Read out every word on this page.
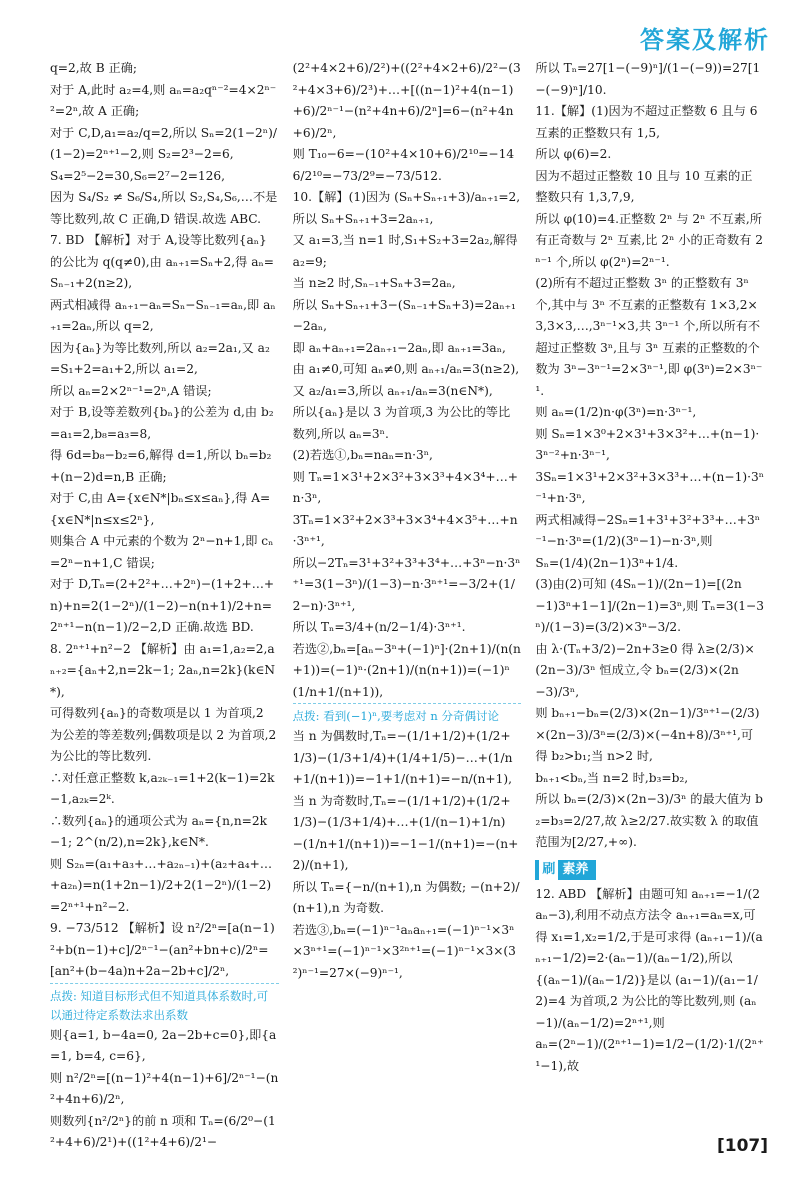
答案及解析

q=2,故 B 正确;

对于 A,此时 a₂=4,则 aₙ=a₂qⁿ⁻²=4×2ⁿ⁻²=2ⁿ,故 A 正确;

对于 C,D,a₁=a₂/q=2,所以 Sₙ=2(1−2ⁿ)/(1−2)=2ⁿ⁺¹−2,则 S₂=2³−2=6,

S₄=2⁵−2=30,S₆=2⁷−2=126,

因为 S₄/S₂ ≠ S₆/S₄,所以 S₂,S₄,S₆,…不是等比数列,故 C 正确,D 错误.故选 ABC.

7. BD 【解析】对于 A,设等比数列{aₙ}的公比为 q(q≠0),由 aₙ₊₁=Sₙ+2,得 aₙ=Sₙ₋₁+2(n≥2),

两式相减得 aₙ₊₁−aₙ=Sₙ−Sₙ₋₁=aₙ,即 aₙ₊₁=2aₙ,所以 q=2,

因为{aₙ}为等比数列,所以 a₂=2a₁,又 a₂=S₁+2=a₁+2,所以 a₁=2,

所以 aₙ=2×2ⁿ⁻¹=2ⁿ,A 错误;

对于 B,设等差数列{bₙ}的公差为 d,由 b₂=a₁=2,b₈=a₃=8,

得 6d=b₈−b₂=6,解得 d=1,所以 bₙ=b₂+(n−2)d=n,B 正确;

对于 C,由 A={x∈N*|bₙ≤x≤aₙ},得 A={x∈N*|n≤x≤2ⁿ},

则集合 A 中元素的个数为 2ⁿ−n+1,即 cₙ=2ⁿ−n+1,C 错误;

对于 D,Tₙ=(2+2²+…+2ⁿ)−(1+2+…+n)+n=2(1−2ⁿ)/(1−2)−n(n+1)/2+n=2ⁿ⁺¹−n(n−1)/2−2,D 正确.故选 BD.

8. 2ⁿ⁺¹+n²−2 【解析】由 a₁=1,a₂=2,aₙ₊₂={aₙ+2,n=2k−1; 2aₙ,n=2k}(k∈N*),

可得数列{aₙ}的奇数项是以 1 为首项,2 为公差的等差数列;偶数项是以 2 为首项,2 为公比的等比数列.

∴对任意正整数 k,a₂ₖ₋₁=1+2(k−1)=2k−1,a₂ₖ=2ᵏ.

∴数列{aₙ}的通项公式为 aₙ={n,n=2k−1; 2^(n/2),n=2k},k∈N*.

则 S₂ₙ=(a₁+a₃+…+a₂ₙ₋₁)+(a₂+a₄+…+a₂ₙ)=n(1+2n−1)/2+2(1−2ⁿ)/(1−2)=2ⁿ⁺¹+n²−2.

9. −73/512 【解析】设 n²/2ⁿ=[a(n−1)²+b(n−1)+c]/2ⁿ⁻¹−(an²+bn+c)/2ⁿ=[an²+(b−4a)n+2a−2b+c]/2ⁿ,

点拨: 知道目标形式但不知道具体系数时,可以通过待定系数法求出系数

则{a=1, b−4a=0, 2a−2b+c=0},即{a=1, b=4, c=6},

则 n²/2ⁿ=[(n−1)²+4(n−1)+6]/2ⁿ⁻¹−(n²+4n+6)/2ⁿ,

则数列{n²/2ⁿ}的前 n 项和 Tₙ=(6/2⁰−(1²+4+6)/2¹)+((1²+4+6)/2¹−

(2²+4×2+6)/2²)+((2²+4×2+6)/2²−(3²+4×3+6)/2³)+…+[((n−1)²+4(n−1)+6)/2ⁿ⁻¹−(n²+4n+6)/2ⁿ]=6−(n²+4n+6)/2ⁿ,

则 T₁₀−6=−(10²+4×10+6)/2¹⁰=−146/2¹⁰=−73/2⁹=−73/512.

10.【解】(1)因为 (Sₙ+Sₙ₊₁+3)/aₙ₊₁=2,

所以 Sₙ+Sₙ₊₁+3=2aₙ₊₁,

又 a₁=3,当 n=1 时,S₁+S₂+3=2a₂,解得 a₂=9;

当 n≥2 时,Sₙ₋₁+Sₙ+3=2aₙ,

所以 Sₙ+Sₙ₊₁+3−(Sₙ₋₁+Sₙ+3)=2aₙ₊₁−2aₙ,

即 aₙ+aₙ₊₁=2aₙ₊₁−2aₙ,即 aₙ₊₁=3aₙ,

由 a₁≠0,可知 aₙ≠0,则 aₙ₊₁/aₙ=3(n≥2),又 a₂/a₁=3,所以 aₙ₊₁/aₙ=3(n∈N*),

所以{aₙ}是以 3 为首项,3 为公比的等比数列,所以 aₙ=3ⁿ.

(2)若选①,bₙ=naₙ=n·3ⁿ,

则 Tₙ=1×3¹+2×3²+3×3³+4×3⁴+…+n·3ⁿ,

3Tₙ=1×3²+2×3³+3×3⁴+4×3⁵+…+n·3ⁿ⁺¹,

所以−2Tₙ=3¹+3²+3³+3⁴+…+3ⁿ−n·3ⁿ⁺¹=3(1−3ⁿ)/(1−3)−n·3ⁿ⁺¹=−3/2+(1/2−n)·3ⁿ⁺¹,

所以 Tₙ=3/4+(n/2−1/4)·3ⁿ⁺¹.

若选②,bₙ=[aₙ−3ⁿ+(−1)ⁿ]·(2n+1)/(n(n+1))=(−1)ⁿ·(2n+1)/(n(n+1))=(−1)ⁿ(1/n+1/(n+1)),

点拨: 看到(−1)ⁿ,要考虑对 n 分奇偶讨论

当 n 为偶数时,Tₙ=−(1/1+1/2)+(1/2+1/3)−(1/3+1/4)+(1/4+1/5)−…+(1/n+1/(n+1))=−1+1/(n+1)=−n/(n+1),

当 n 为奇数时,Tₙ=−(1/1+1/2)+(1/2+1/3)−(1/3+1/4)+…+(1/(n−1)+1/n)−(1/n+1/(n+1))=−1−1/(n+1)=−(n+2)/(n+1),

所以 Tₙ={−n/(n+1),n 为偶数; −(n+2)/(n+1),n 为奇数.

若选③,bₙ=(−1)ⁿ⁻¹aₙaₙ₊₁=(−1)ⁿ⁻¹×3ⁿ×3ⁿ⁺¹=(−1)ⁿ⁻¹×3²ⁿ⁺¹=(−1)ⁿ⁻¹×3×(3²)ⁿ⁻¹=27×(−9)ⁿ⁻¹,

所以 Tₙ=27[1−(−9)ⁿ]/(1−(−9))=27[1−(−9)ⁿ]/10.

11.【解】(1)因为不超过正整数 6 且与 6 互素的正整数只有 1,5,

所以 φ(6)=2.

因为不超过正整数 10 且与 10 互素的正整数只有 1,3,7,9,

所以 φ(10)=4.正整数 2ⁿ 与 2ⁿ 不互素,所有正奇数与 2ⁿ 互素,比 2ⁿ 小的正奇数有 2ⁿ⁻¹ 个,所以 φ(2ⁿ)=2ⁿ⁻¹.

(2)所有不超过正整数 3ⁿ 的正整数有 3ⁿ 个,其中与 3ⁿ 不互素的正整数有 1×3,2×3,3×3,…,3ⁿ⁻¹×3,共 3ⁿ⁻¹ 个,所以所有不超过正整数 3ⁿ,且与 3ⁿ 互素的正整数的个数为 3ⁿ−3ⁿ⁻¹=2×3ⁿ⁻¹,即 φ(3ⁿ)=2×3ⁿ⁻¹.

则 aₙ=(1/2)n·φ(3ⁿ)=n·3ⁿ⁻¹,

则 Sₙ=1×3⁰+2×3¹+3×3²+…+(n−1)·3ⁿ⁻²+n·3ⁿ⁻¹,

3Sₙ=1×3¹+2×3²+3×3³+…+(n−1)·3ⁿ⁻¹+n·3ⁿ,

两式相减得−2Sₙ=1+3¹+3²+3³+…+3ⁿ⁻¹−n·3ⁿ=(1/2)(3ⁿ−1)−n·3ⁿ,则

Sₙ=(1/4)(2n−1)3ⁿ+1/4.

(3)由(2)可知 (4Sₙ−1)/(2n−1)=[(2n−1)3ⁿ+1−1]/(2n−1)=3ⁿ,则 Tₙ=3(1−3ⁿ)/(1−3)=(3/2)×3ⁿ−3/2.

由 λ·(Tₙ+3/2)−2n+3≥0 得 λ≥(2/3)×(2n−3)/3ⁿ 恒成立,令 bₙ=(2/3)×(2n−3)/3ⁿ,

则 bₙ₊₁−bₙ=(2/3)×(2n−1)/3ⁿ⁺¹−(2/3)×(2n−3)/3ⁿ=(2/3)×(−4n+8)/3ⁿ⁺¹,可得 b₂>b₁;当 n>2 时,

bₙ₊₁<bₙ,当 n=2 时,b₃=b₂,

所以 bₙ=(2/3)×(2n−3)/3ⁿ 的最大值为 b₂=b₃=2/27,故 λ≥2/27.故实数 λ 的取值范围为[2/27,+∞).

刷 素养

12. ABD 【解析】由题可知 aₙ₊₁=−1/(2aₙ−3),利用不动点方法令 aₙ₊₁=aₙ=x,可得 x₁=1,x₂=1/2,于是可求得 (aₙ₊₁−1)/(aₙ₊₁−1/2)=2·(aₙ−1)/(aₙ−1/2),所以

{(aₙ−1)/(aₙ−1/2)}是以 (a₁−1)/(a₁−1/2)=4 为首项,2 为公比的等比数列,则 (aₙ−1)/(aₙ−1/2)=2ⁿ⁺¹,则

aₙ=(2ⁿ−1)/(2ⁿ⁺¹−1)=1/2−(1/2)·1/(2ⁿ⁺¹−1),故

[107]
